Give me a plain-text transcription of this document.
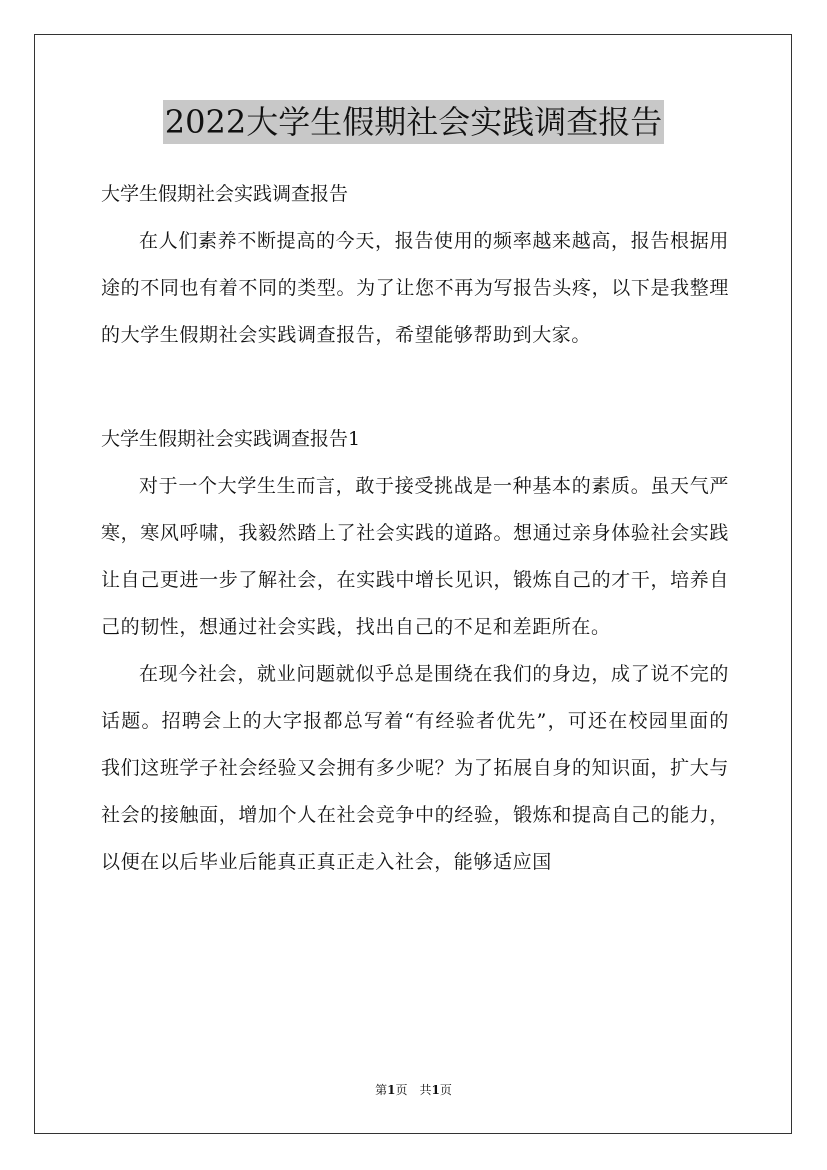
2022大学生假期社会实践调查报告

大学生假期社会实践调查报告

在人们素养不断提高的今天，报告使用的频率越来越高，报告根据用途的不同也有着不同的类型。为了让您不再为写报告头疼，以下是我整理的大学生假期社会实践调查报告，希望能够帮助到大家。

大学生假期社会实践调查报告1

对于一个大学生生而言，敢于接受挑战是一种基本的素质。虽天气严寒，寒风呼啸，我毅然踏上了社会实践的道路。想通过亲身体验社会实践让自己更进一步了解社会，在实践中增长见识，锻炼自己的才干，培养自己的韧性，想通过社会实践，找出自己的不足和差距所在。

在现今社会，就业问题就似乎总是围绕在我们的身边，成了说不完的话题。招聘会上的大字报都总写着“有经验者优先”，可还在校园里面的我们这班学子社会经验又会拥有多少呢？为了拓展自身的知识面，扩大与社会的接触面，增加个人在社会竞争中的经验，锻炼和提高自己的能力，以便在以后毕业后能真正真正走入社会，能够适应国

第1页　共1页
